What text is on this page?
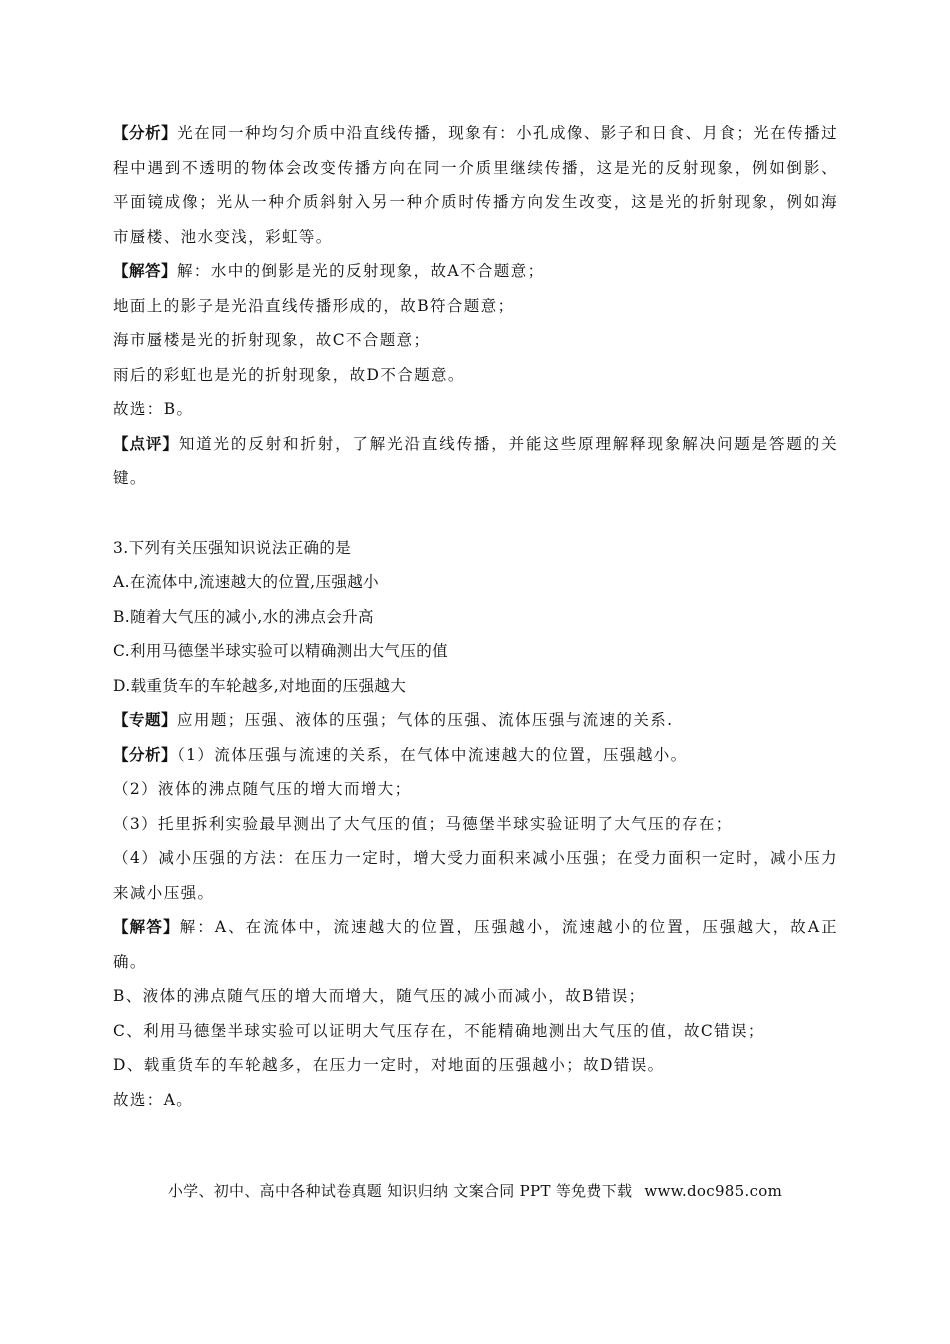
【分析】光在同一种均匀介质中沿直线传播，现象有：小孔成像、影子和日食、月食；光在传播过程中遇到不透明的物体会改变传播方向在同一介质里继续传播，这是光的反射现象，例如倒影、平面镜成像；光从一种介质斜射入另一种介质时传播方向发生改变，这是光的折射现象，例如海市蜃楼、池水变浅，彩虹等。

【解答】解：水中的倒影是光的反射现象，故A不合题意；

地面上的影子是光沿直线传播形成的，故B符合题意；

海市蜃楼是光的折射现象，故C不合题意；

雨后的彩虹也是光的折射现象，故D不合题意。

故选：B。

【点评】知道光的反射和折射，了解光沿直线传播，并能这些原理解释现象解决问题是答题的关键。

3.下列有关压强知识说法正确的是

A.在流体中,流速越大的位置,压强越小

B.随着大气压的减小,水的沸点会升高

C.利用马德堡半球实验可以精确测出大气压的值

D.载重货车的车轮越多,对地面的压强越大

【专题】应用题；压强、液体的压强；气体的压强、流体压强与流速的关系.

【分析】（1）流体压强与流速的关系，在气体中流速越大的位置，压强越小。

（2）液体的沸点随气压的增大而增大；

（3）托里拆利实验最早测出了大气压的值；马德堡半球实验证明了大气压的存在；

（4）减小压强的方法：在压力一定时，增大受力面积来减小压强；在受力面积一定时，减小压力来减小压强。

【解答】解：A、在流体中，流速越大的位置，压强越小，流速越小的位置，压强越大，故A正确。

B、液体的沸点随气压的增大而增大，随气压的减小而减小，故B错误；

C、利用马德堡半球实验可以证明大气压存在，不能精确地测出大气压的值，故C错误；

D、载重货车的车轮越多，在压力一定时，对地面的压强越小；故D错误。

故选：A。

小学、初中、高中各种试卷真题 知识归纳 文案合同 PPT 等免费下载 www.doc985.com
